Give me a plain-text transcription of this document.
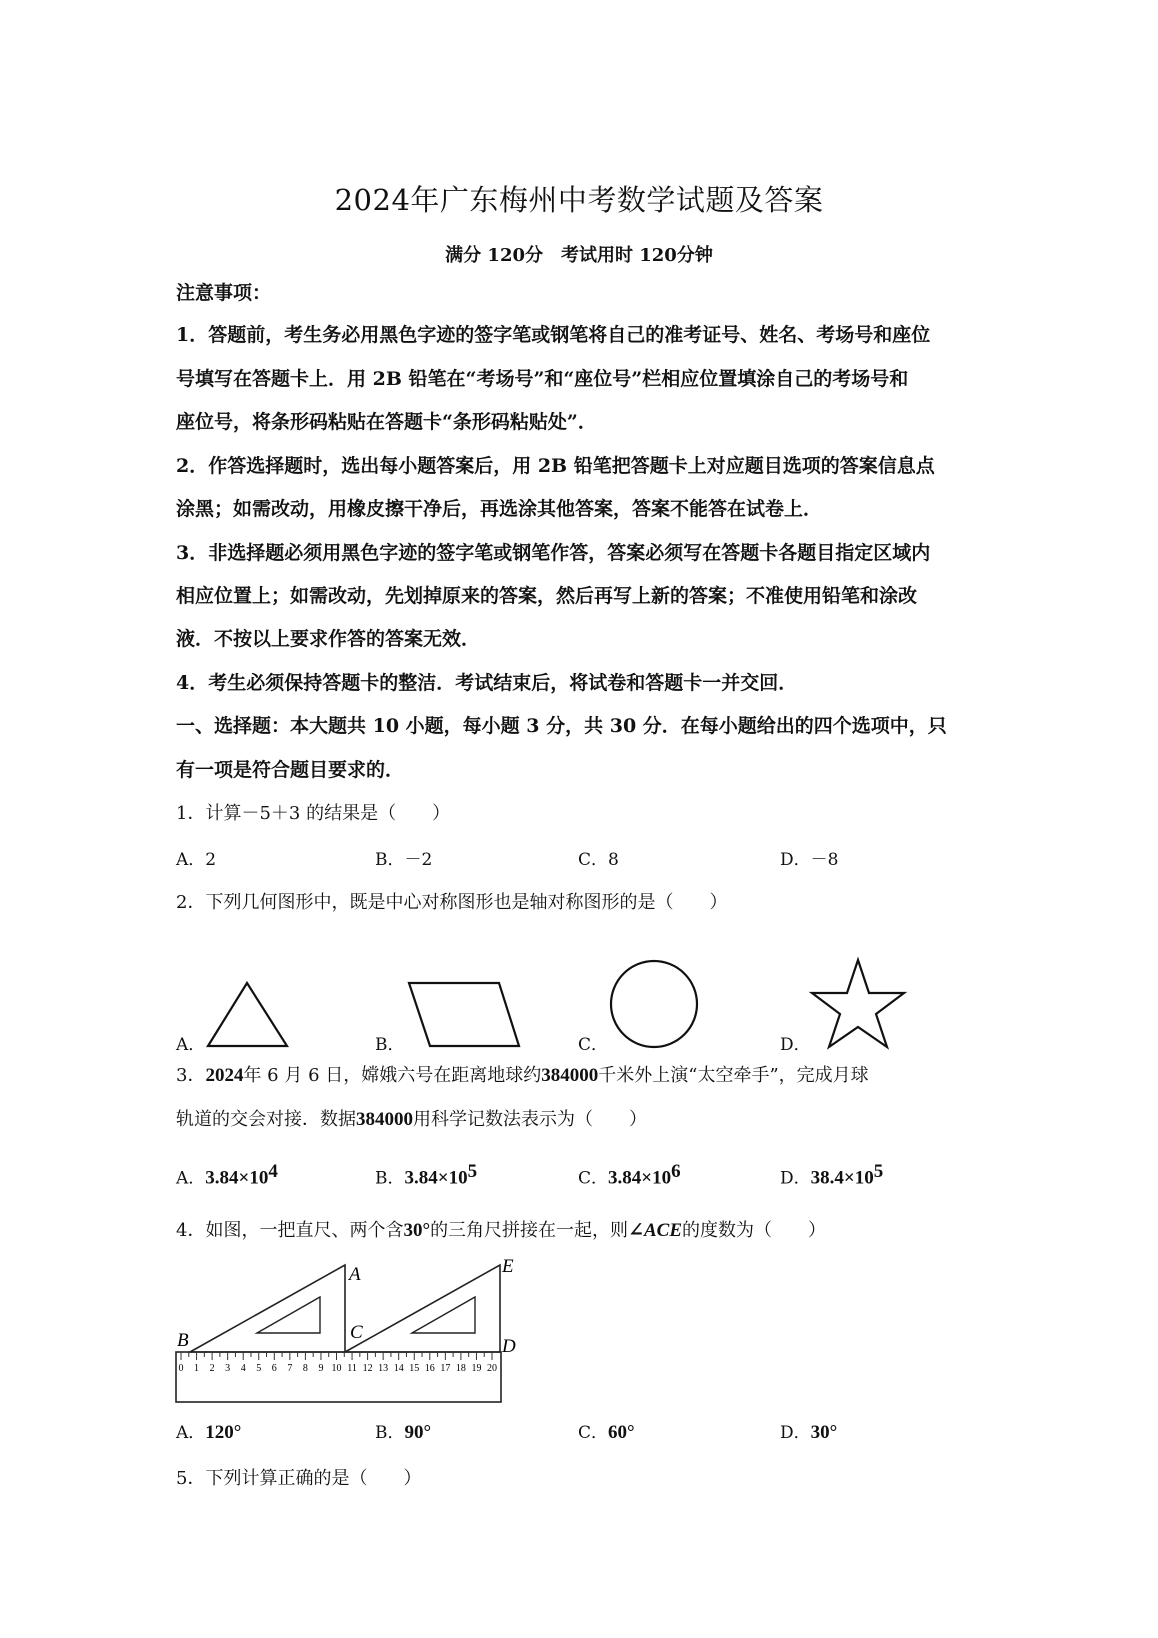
2024年广东梅州中考数学试题及答案
满分 120分　考试用时 120分钟
注意事项：
1．答题前，考生务必用黑色字迹的签字笔或钢笔将自己的准考证号、姓名、考场号和座位
号填写在答题卡上．用 2B 铅笔在“考场号”和“座位号”栏相应位置填涂自己的考场号和
座位号，将条形码粘贴在答题卡“条形码粘贴处”．
2．作答选择题时，选出每小题答案后，用 2B 铅笔把答题卡上对应题目选项的答案信息点
涂黑；如需改动，用橡皮擦干净后，再选涂其他答案，答案不能答在试卷上．
3．非选择题必须用黑色字迹的签字笔或钢笔作答，答案必须写在答题卡各题目指定区域内
相应位置上；如需改动，先划掉原来的答案，然后再写上新的答案；不准使用铅笔和涂改
液．不按以上要求作答的答案无效．
4．考生必须保持答题卡的整洁．考试结束后，将试卷和答题卡一并交回．
一、选择题：本大题共 10 小题，每小题 3 分，共 30 分．在每小题给出的四个选项中，只
有一项是符合题目要求的．
1．计算－5＋3 的结果是（　　）
A．2	B．－2	C．8	D．－8
2．下列几何图形中，既是中心对称图形也是轴对称图形的是（　　）
A．	B．	C．	D．
3．2024年 6 月 6 日，嫦娥六号在距离地球约384000千米外上演“太空牵手”，完成月球
轨道的交会对接．数据384000用科学记数法表示为（　　）
A．$3.84\times 10^4$	B．$3.84\times 10^5$	C．$3.84\times 10^6$	D．$38.4\times 10^5$
4．如图，一把直尺、两个含30°的三角尺拼接在一起，则∠ACE的度数为（　　）
0 1 2 3 4 5 6 7 8 9 10 11 12 13 14 15 16 17 18 19 20
B
A
C
D
E
A．120°	B．90°	C．60°	D．30°
5．下列计算正确的是（　　）
